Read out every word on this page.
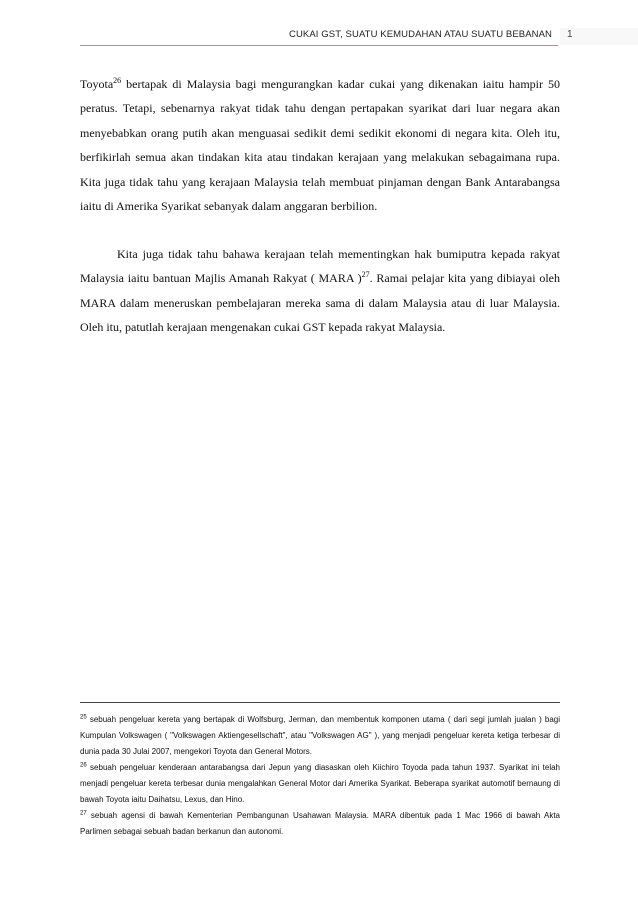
CUKAI GST, SUATU KEMUDAHAN ATAU SUATU BEBANAN 1

Toyota$^{26}$ bertapak di Malaysia bagi mengurangkan kadar cukai yang dikenakan iaitu hampir 50 peratus. Tetapi, sebenarnya rakyat tidak tahu dengan pertapakan syarikat dari luar negara akan menyebabkan orang putih akan menguasai sedikit demi sedikit ekonomi di negara kita. Oleh itu, berfikirlah semua akan tindakan kita atau tindakan kerajaan yang melakukan sebagaimana rupa. Kita juga tidak tahu yang kerajaan Malaysia telah membuat pinjaman dengan Bank Antarabangsa iaitu di Amerika Syarikat sebanyak dalam anggaran berbilion.

Kita juga tidak tahu bahawa kerajaan telah mementingkan hak bumiputra kepada rakyat Malaysia iaitu bantuan Majlis Amanah Rakyat ( MARA )$^{27}$. Ramai pelajar kita yang dibiayai oleh MARA dalam meneruskan pembelajaran mereka sama di dalam Malaysia atau di luar Malaysia. Oleh itu, patutlah kerajaan mengenakan cukai GST kepada rakyat Malaysia.

$^{25}$ sebuah pengeluar kereta yang bertapak di Wolfsburg, Jerman, dan membentuk komponen utama ( dari segi jumlah jualan ) bagi Kumpulan Volkswagen ( "Volkswagen Aktiengesellschaft", atau "Volkswagen AG" ), yang menjadi pengeluar kereta ketiga terbesar di dunia pada 30 Julai 2007, mengekori Toyota dan General Motors.

$^{26}$ sebuah pengeluar kenderaan antarabangsa dari Jepun yang diasaskan oleh Kiichiro Toyoda pada tahun 1937. Syarikat ini telah menjadi pengeluar kereta terbesar dunia mengalahkan General Motor dari Amerika Syarikat. Beberapa syarikat automotif bernaung di bawah Toyota iaitu Daihatsu, Lexus, dan Hino.

$^{27}$ sebuah agensi di bawah Kementerian Pembangunan Usahawan Malaysia. MARA dibentuk pada 1 Mac 1966 di bawah Akta Parlimen sebagai sebuah badan berkanun dan autonomi.
